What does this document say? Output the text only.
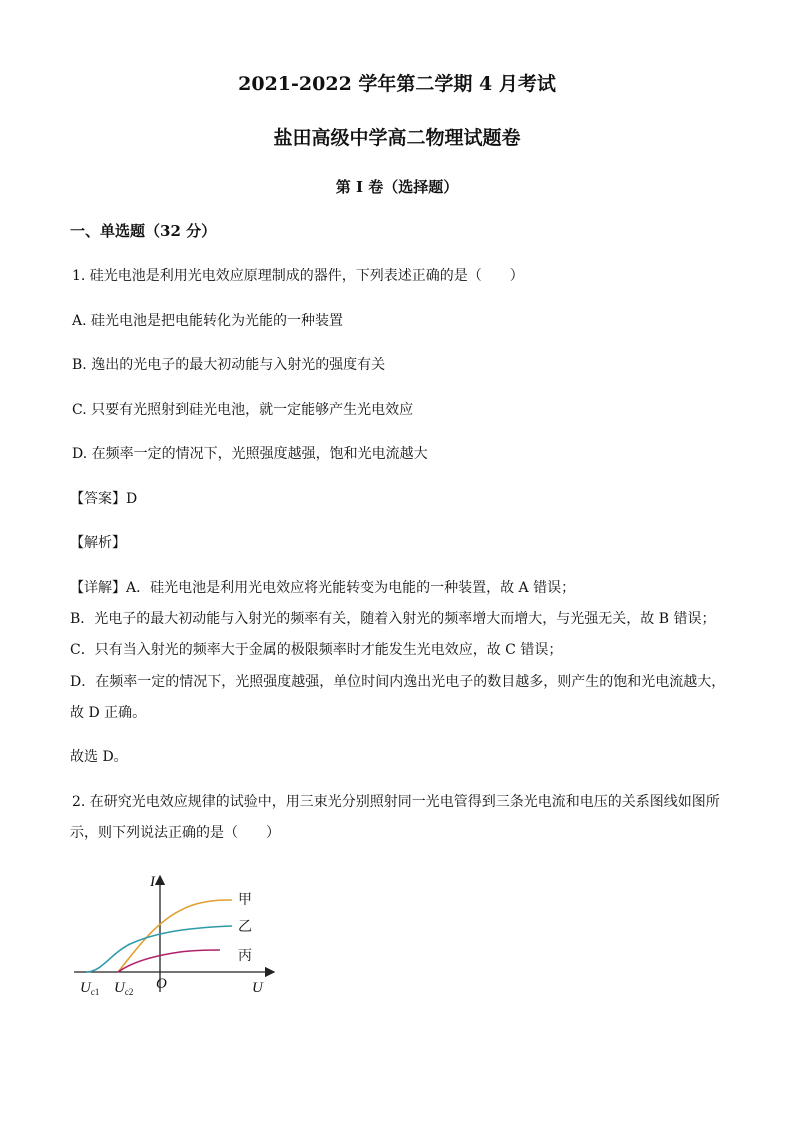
2021-2022 学年第二学期 4 月考试
盐田高级中学高二物理试题卷
第 I 卷（选择题）
一、单选题（32 分）
1. 硅光电池是利用光电效应原理制成的器件，下列表述正确的是（　　）
A. 硅光电池是把电能转化为光能的一种装置
B. 逸出的光电子的最大初动能与入射光的强度有关
C. 只要有光照射到硅光电池，就一定能够产生光电效应
D. 在频率一定的情况下，光照强度越强，饱和光电流越大
【答案】D
【解析】
【详解】A．硅光电池是利用光电效应将光能转变为电能的一种装置，故 A 错误；
B．光电子的最大初动能与入射光的频率有关，随着入射光的频率增大而增大，与光强无关，故 B 错误；
C．只有当入射光的频率大于金属的极限频率时才能发生光电效应，故 C 错误；
D．在频率一定的情况下，光照强度越强，单位时间内逸出光电子的数目越多，则产生的饱和光电流越大，
故 D 正确。
故选 D。
2. 在研究光电效应规律的试验中，用三束光分别照射同一光电管得到三条光电流和电压的关系图线如图所
示，则下列说法正确的是（　　）
I
U
O
$U_{c1}$ $U_{c2}$
甲
乙
丙
